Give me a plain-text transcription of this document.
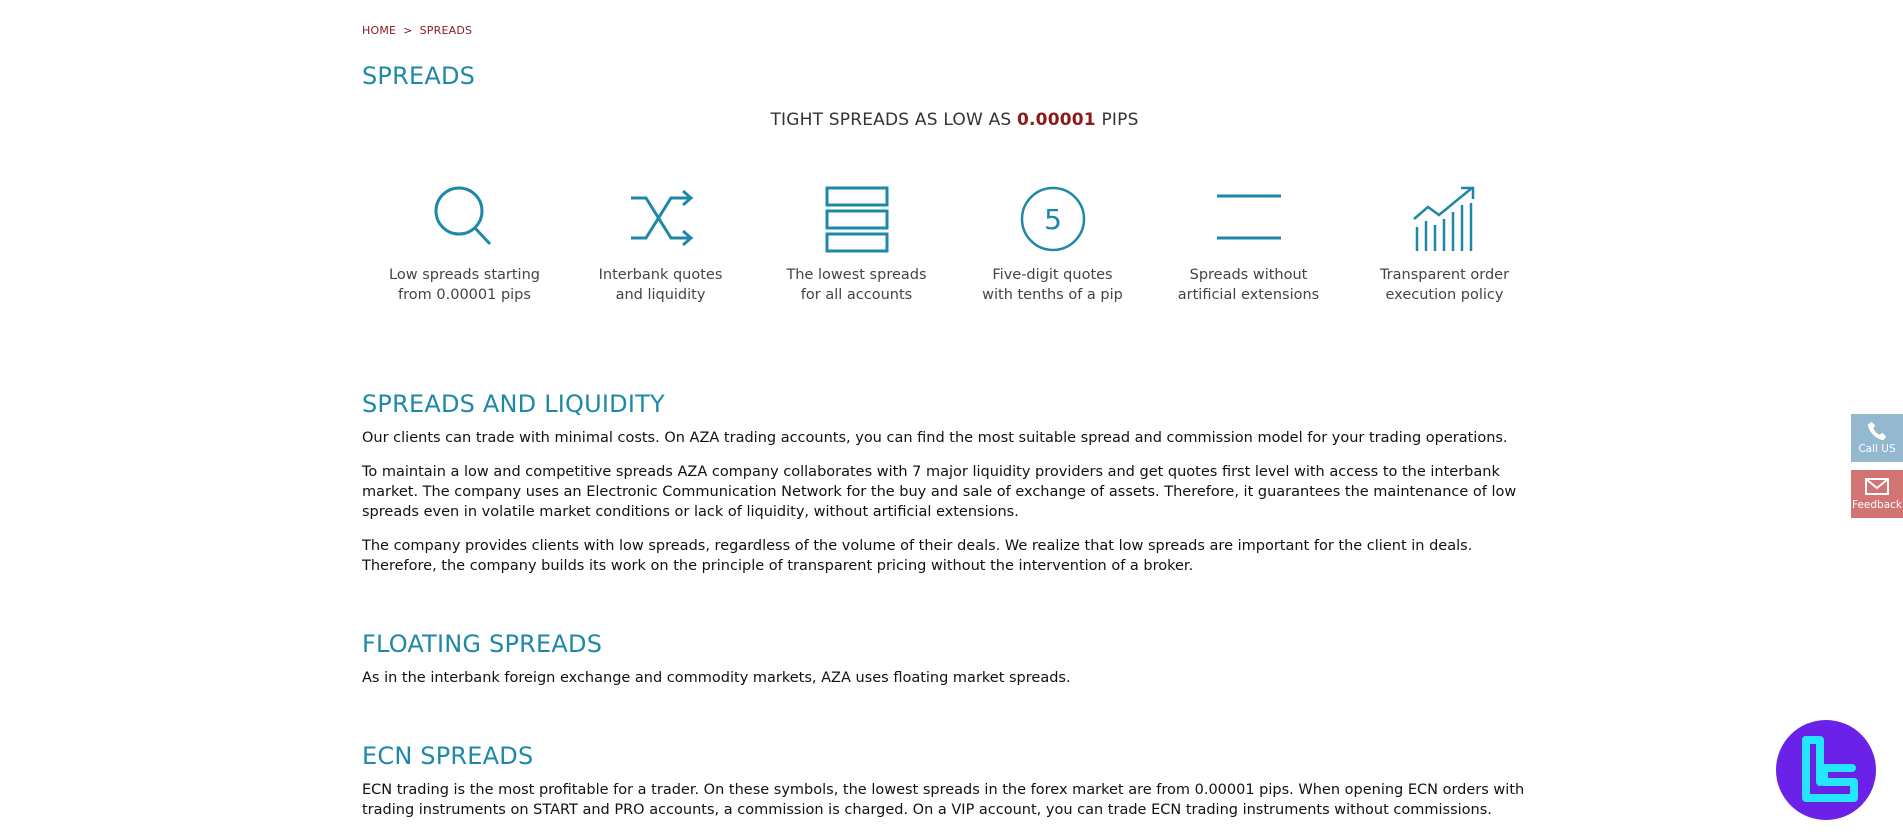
HOME > SPREADS
SPREADS
TIGHT SPREADS AS LOW AS 0.00001 PIPS
Low spreads starting
from 0.00001 pips
Interbank quotes
and liquidity
The lowest spreads
for all accounts
5
Five-digit quotes
with tenths of a pip
Spreads without
artificial extensions
Transparent order
execution policy
SPREADS AND LIQUIDITY

Our clients can trade with minimal costs. On AZA trading accounts, you can find the most suitable spread and commission model for your trading operations.

To maintain a low and competitive spreads AZA company collaborates with 7 major liquidity providers and get quotes first level with access to the interbank market. The company uses an Electronic Communication Network for the buy and sale of exchange of assets. Therefore, it guarantees the maintenance of low spreads even in volatile market conditions or lack of liquidity, without artificial extensions.

The company provides clients with low spreads, regardless of the volume of their deals. We realize that low spreads are important for the client in deals. Therefore, the company builds its work on the principle of transparent pricing without the intervention of a broker.

FLOATING SPREADS

As in the interbank foreign exchange and commodity markets, AZA uses floating market spreads.

ECN SPREADS

ECN trading is the most profitable for a trader. On these symbols, the lowest spreads in the forex market are from 0.00001 pips. When opening ECN orders with trading instruments on START and PRO accounts, a commission is charged. On a VIP account, you can trade ECN trading instruments without commissions.

Call US
Feedback
